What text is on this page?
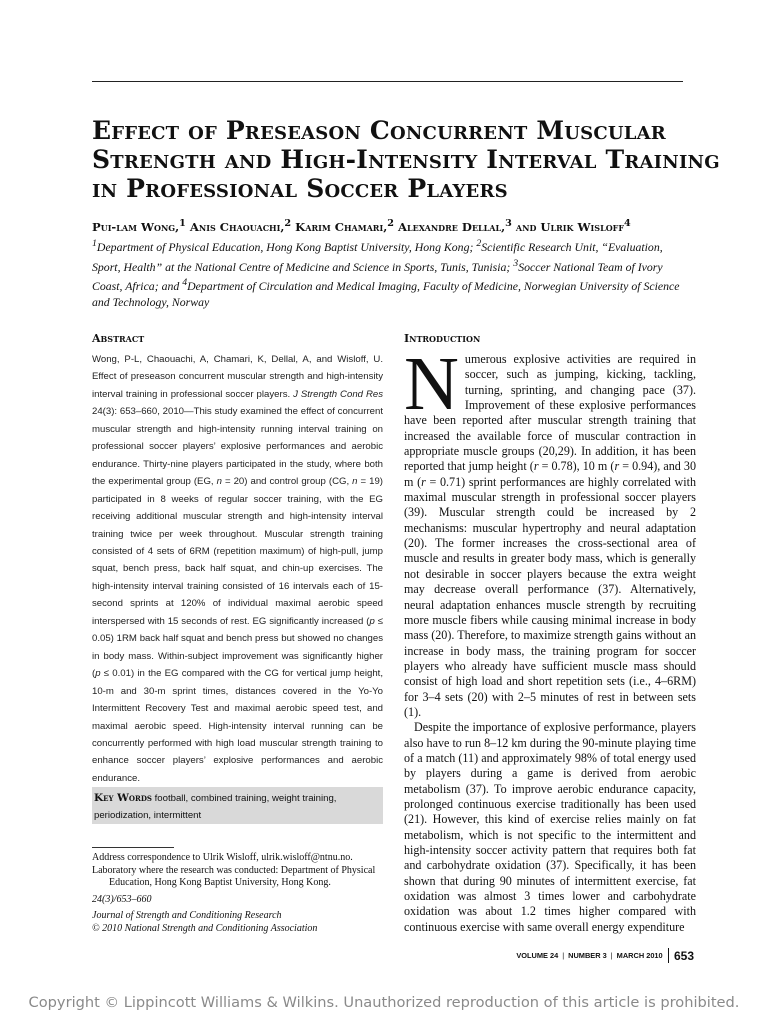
Effect of Preseason Concurrent Muscular
Strength and High-Intensity Interval Training
in Professional Soccer Players
Pui-lam Wong,$^1$ Anis Chaouachi,$^2$ Karim Chamari,$^2$ Alexandre Dellal,$^3$ and Ulrik Wisloff$^4$
$^1$Department of Physical Education, Hong Kong Baptist University, Hong Kong; $^2$Scientific Research Unit, “Evaluation, Sport, Health” at the National Centre of Medicine and Science in Sports, Tunis, Tunisia; $^3$Soccer National Team of Ivory Coast, Africa; and $^4$Department of Circulation and Medical Imaging, Faculty of Medicine, Norwegian University of Science and Technology, Norway
Abstract

Wong, P-L, Chaouachi, A, Chamari, K, Dellal, A, and Wisloff, U. Effect of preseason concurrent muscular strength and high-intensity interval training in professional soccer players. J Strength Cond Res 24(3): 653–660, 2010—This study examined the effect of concurrent muscular strength and high-intensity running interval training on professional soccer players’ explosive performances and aerobic endurance. Thirty-nine players participated in the study, where both the experimental group (EG, n = 20) and control group (CG, n = 19) participated in 8 weeks of regular soccer training, with the EG receiving additional muscular strength and high-intensity interval training twice per week throughout. Muscular strength training consisted of 4 sets of 6RM (repetition maximum) of high-pull, jump squat, bench press, back half squat, and chin-up exercises. The high-intensity interval training consisted of 16 intervals each of 15-second sprints at 120% of individual maximal aerobic speed interspersed with 15 seconds of rest. EG significantly increased (p ≤ 0.05) 1RM back half squat and bench press but showed no changes in body mass. Within-subject improvement was significantly higher (p ≤ 0.01) in the EG compared with the CG for vertical jump height, 10-m and 30-m sprint times, distances covered in the Yo-Yo Intermittent Recovery Test and maximal aerobic speed test, and maximal aerobic speed. High-intensity interval running can be concurrently performed with high load muscular strength training to enhance soccer players’ explosive performances and aerobic endurance.

Key Words football, combined training, weight training, periodization, intermittent
Address correspondence to Ulrik Wisloff, ulrik.wisloff@ntnu.no.
Laboratory where the research was conducted: Department of Physical
Education, Hong Kong Baptist University, Hong Kong.
24(3)/653–660
Journal of Strength and Conditioning Research
© 2010 National Strength and Conditioning Association
Introduction

Numerous explosive activities are required in soccer, such as jumping, kicking, tackling, turning, sprinting, and changing pace (37). Improvement of these explosive performances have been reported after muscular strength training that increased the available force of muscular contraction in appropriate muscle groups (20,29). In addition, it has been reported that jump height (r = 0.78), 10 m (r = 0.94), and 30 m (r = 0.71) sprint performances are highly correlated with maximal muscular strength in professional soccer players (39). Muscular strength could be increased by 2 mechanisms: muscular hypertrophy and neural adaptation (20). The former increases the cross-sectional area of muscle and results in greater body mass, which is generally not desirable in soccer players because the extra weight may decrease overall performance (37). Alternatively, neural adaptation enhances muscle strength by recruiting more muscle fibers while causing minimal increase in body mass (20). Therefore, to maximize strength gains without an increase in body mass, the training program for soccer players who already have sufficient muscle mass should consist of high load and short repetition sets (i.e., 4–6RM) for 3–4 sets (20) with 2–5 minutes of rest in between sets (1).

Despite the importance of explosive performance, players also have to run 8–12 km during the 90-minute playing time of a match (11) and approximately 98% of total energy used by players during a game is derived from aerobic metabolism (37). To improve aerobic endurance capacity, prolonged continuous exercise traditionally has been used (21). However, this kind of exercise relies mainly on fat metabolism, which is not specific to the intermittent and high-intensity soccer activity pattern that requires both fat and carbohydrate oxidation (37). Specifically, it has been shown that during 90 minutes of intermittent exercise, fat oxidation was almost 3 times lower and carbohydrate oxidation was about 1.2 times higher compared with continuous exercise with same overall energy expenditure

VOLUME 24 | NUMBER 3 | MARCH 2010 653
Copyright © Lippincott Williams & Wilkins. Unauthorized reproduction of this article is prohibited.
